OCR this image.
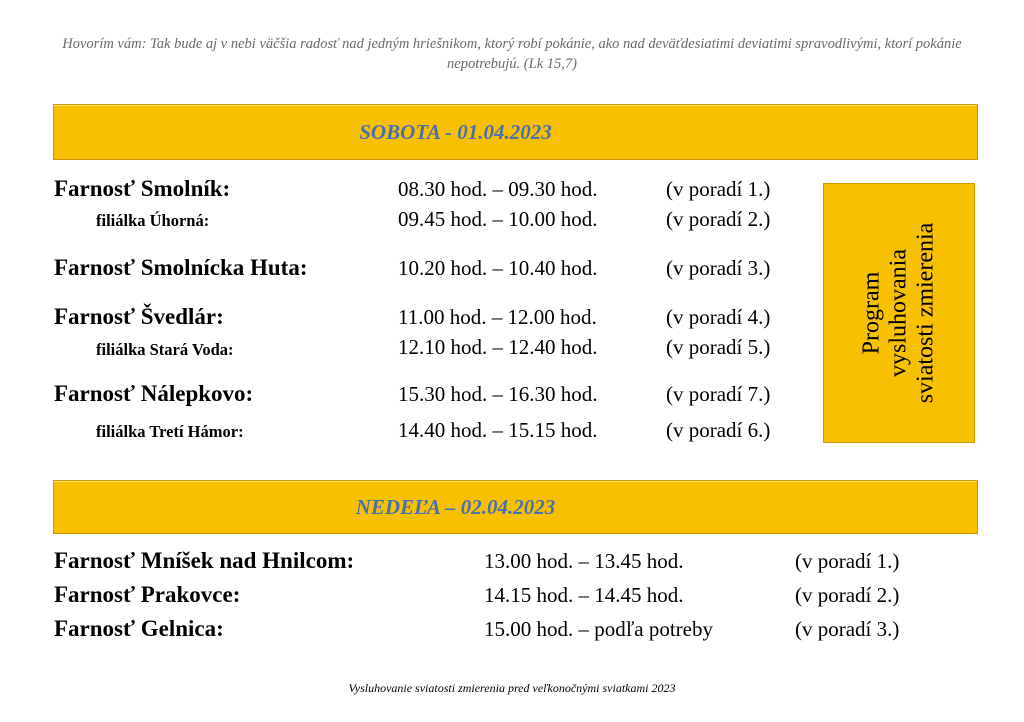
Hovorím vám: Tak bude aj v nebi väčšia radosť nad jedným hriešnikom, ktorý robí pokánie, ako nad deväťdesiatimi deviatimi spravodlivými, ktorí pokánie nepotrebujú. (Lk 15,7)
SOBOTA - 01.04.2023
Farnosť Smolník:	08.30 hod. – 09.30 hod.	(v poradí 1.)
filiálka Úhorná:	09.45 hod. – 10.00 hod.	(v poradí 2.)
Farnosť Smolnícka Huta:	10.20 hod. – 10.40 hod.	(v poradí 3.)
Farnosť Švedlár:	11.00 hod. – 12.00 hod.	(v poradí 4.)
filiálka Stará Voda:	12.10 hod. – 12.40 hod.	(v poradí 5.)
Farnosť Nálepkovo:	15.30 hod. – 16.30 hod.	(v poradí 7.)
filiálka Tretí Hámor:	14.40 hod. – 15.15 hod.	(v poradí 6.)
Program vysluhovania sviatosti zmierenia
NEDEĽA – 02.04.2023
Farnosť Mníšek nad Hnilcom:	13.00 hod. – 13.45 hod.	(v poradí 1.)
Farnosť Prakovce:	14.15 hod. – 14.45 hod.	(v poradí 2.)
Farnosť Gelnica:	15.00 hod. – podľa potreby	(v poradí 3.)
Vysluhovanie sviatosti zmierenia pred veľkonočnými sviatkami 2023
